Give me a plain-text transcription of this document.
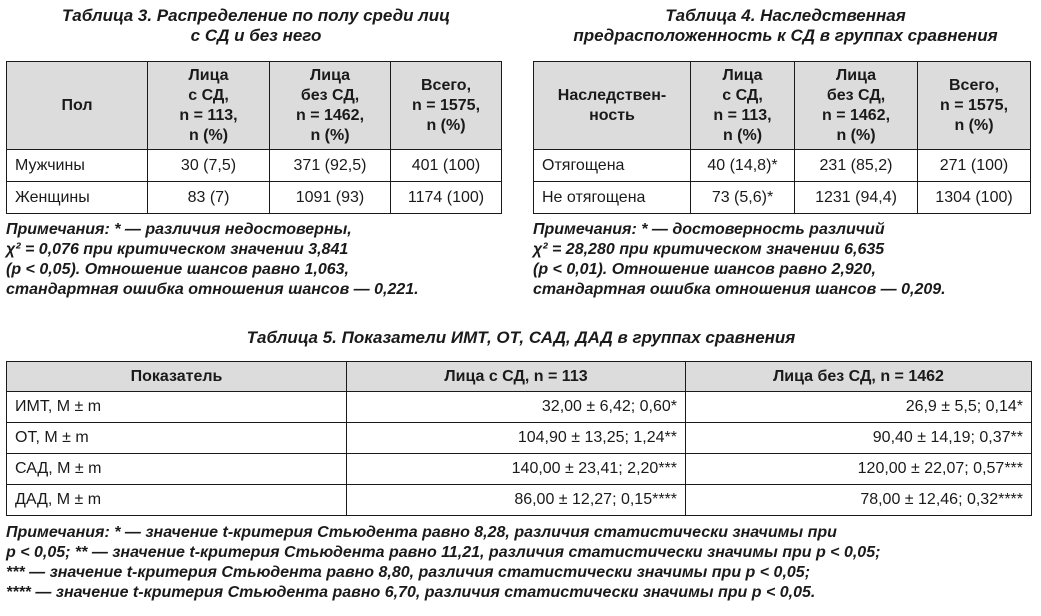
Таблица 3. Распределение по полу среди лиц
с СД и без него
Пол	Лица
с СД,
n = 113,
n (%)	Лица
без СД,
n = 1462,
n (%)	Всего,
n = 1575,
n (%)
Мужчины	30 (7,5)	371 (92,5)	401 (100)
Женщины	83 (7)	1091 (93)	1174 (100)
Примечания: * — различия недостоверны,
χ² = 0,076 при критическом значении 3,841
(p < 0,05). Отношение шансов равно 1,063,
стандартная ошибка отношения шансов — 0,221.
Таблица 4. Наследственная
предрасположенность к СД в группах сравнения
Наследствен-
ность	Лица
с СД,
n = 113,
n (%)	Лица
без СД,
n = 1462,
n (%)	Всего,
n = 1575,
n (%)
Отягощена	40 (14,8)*	231 (85,2)	271 (100)
Не отягощена	73 (5,6)*	1231 (94,4)	1304 (100)
Примечания: * — достоверность различий
χ² = 28,280 при критическом значении 6,635
(p < 0,01). Отношение шансов равно 2,920,
стандартная ошибка отношения шансов — 0,209.
Таблица 5. Показатели ИМТ, ОТ, САД, ДАД в группах сравнения
Показатель	Лица с СД, n = 113	Лица без СД, n = 1462
ИМТ, M ± m	32,00 ± 6,42; 0,60*	26,9 ± 5,5; 0,14*
ОТ, M ± m	104,90 ± 13,25; 1,24**	90,40 ± 14,19; 0,37**
САД, M ± m	140,00 ± 23,41; 2,20***	120,00 ± 22,07; 0,57***
ДАД, M ± m	86,00 ± 12,27; 0,15****	78,00 ± 12,46; 0,32****
Примечания: * — значение t-критерия Стьюдента равно 8,28, различия статистически значимы при
p < 0,05; ** — значение t-критерия Стьюдента равно 11,21, различия статистически значимы при p < 0,05;
*** — значение t-критерия Стьюдента равно 8,80, различия статистически значимы при p < 0,05;
**** — значение t-критерия Стьюдента равно 6,70, различия статистически значимы при p < 0,05.
